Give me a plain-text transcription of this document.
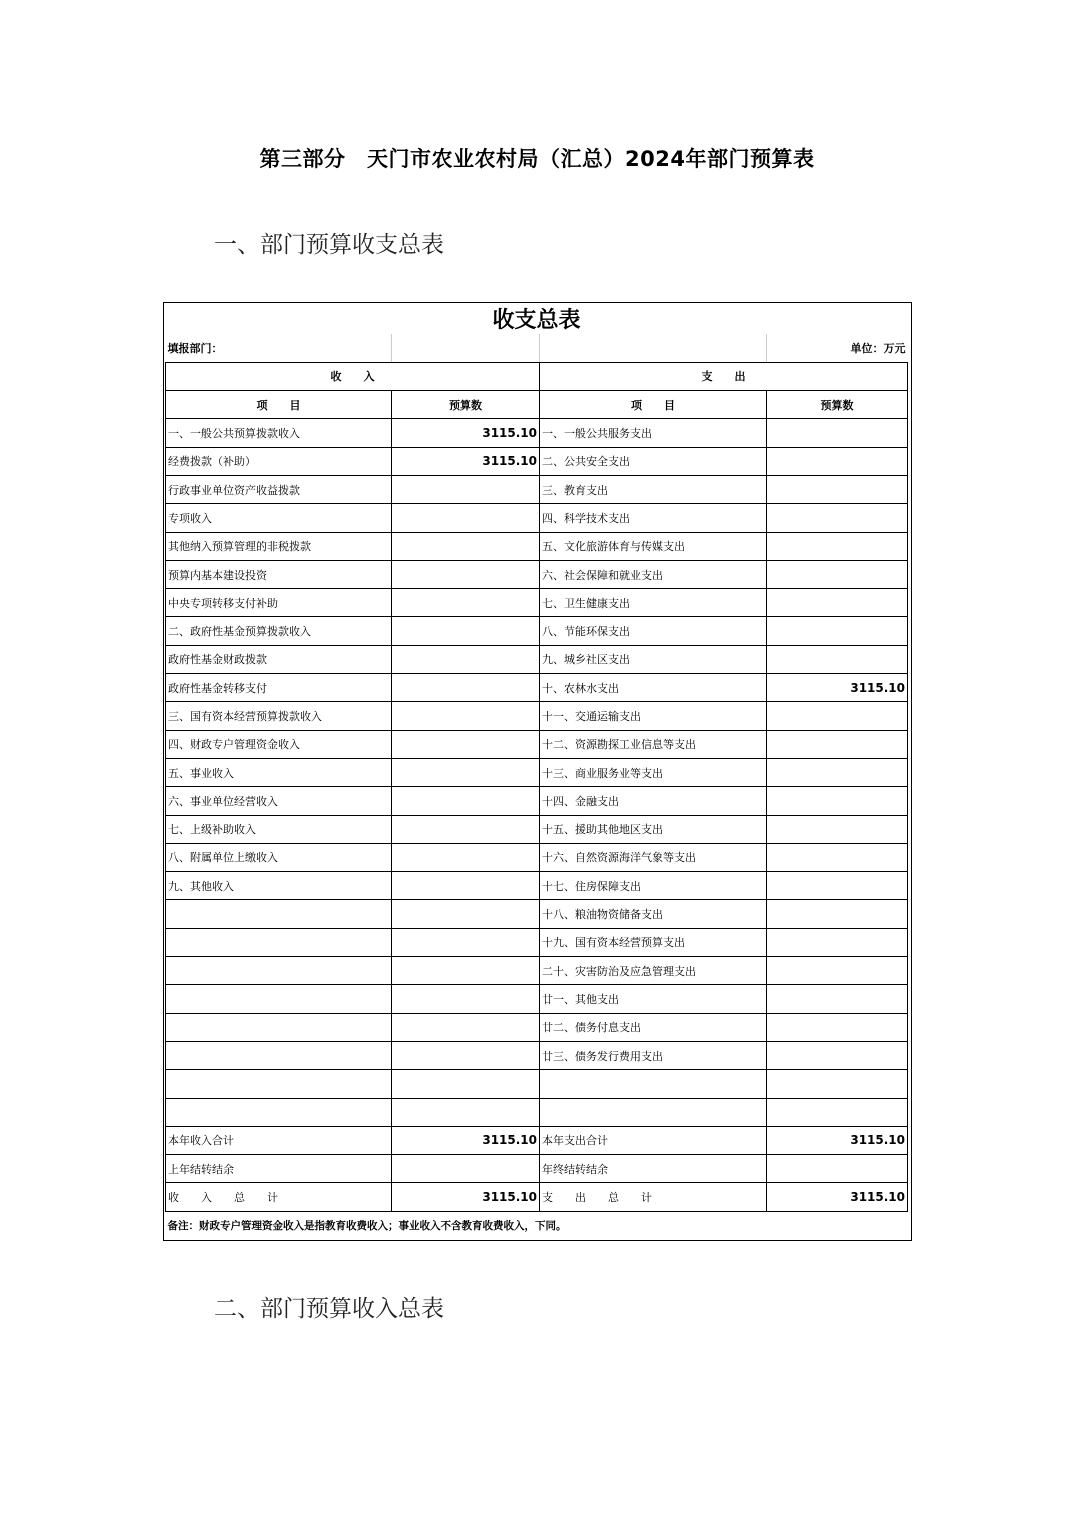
第三部分　天门市农业农村局（汇总）2024年部门预算表
一、部门预算收支总表
收支总表			
填报部门：			单位：万元
收　　入		支　　出	
项　　目	预算数	项　　目	预算数
一、一般公共预算拨款收入	3115.10	一、一般公共服务支出	
经费拨款（补助）	3115.10	二、公共安全支出	
行政事业单位资产收益拨款		三、教育支出	
专项收入		四、科学技术支出	
其他纳入预算管理的非税拨款		五、文化旅游体育与传媒支出	
预算内基本建设投资		六、社会保障和就业支出	
中央专项转移支付补助		七、卫生健康支出	
二、政府性基金预算拨款收入		八、节能环保支出	
政府性基金财政拨款		九、城乡社区支出	
政府性基金转移支付		十、农林水支出	3115.10
三、国有资本经营预算拨款收入		十一、交通运输支出	
四、财政专户管理资金收入		十二、资源勘探工业信息等支出	
五、事业收入		十三、商业服务业等支出	
六、事业单位经营收入		十四、金融支出	
七、上级补助收入		十五、援助其他地区支出	
八、附属单位上缴收入		十六、自然资源海洋气象等支出	
九、其他收入		十七、住房保障支出	
		十八、粮油物资储备支出	
		十九、国有资本经营预算支出	
		二十、灾害防治及应急管理支出	
		廿一、其他支出	
		廿二、债务付息支出	
		廿三、债务发行费用支出	

本年收入合计	3115.10	本年支出合计	3115.10
上年结转结余		年终结转结余	
收　　入　　总　　计	3115.10	支　　出　　总　　计	3115.10
备注：财政专户管理资金收入是指教育收费收入；事业收入不含教育收费收入，下同。			
二、部门预算收入总表
